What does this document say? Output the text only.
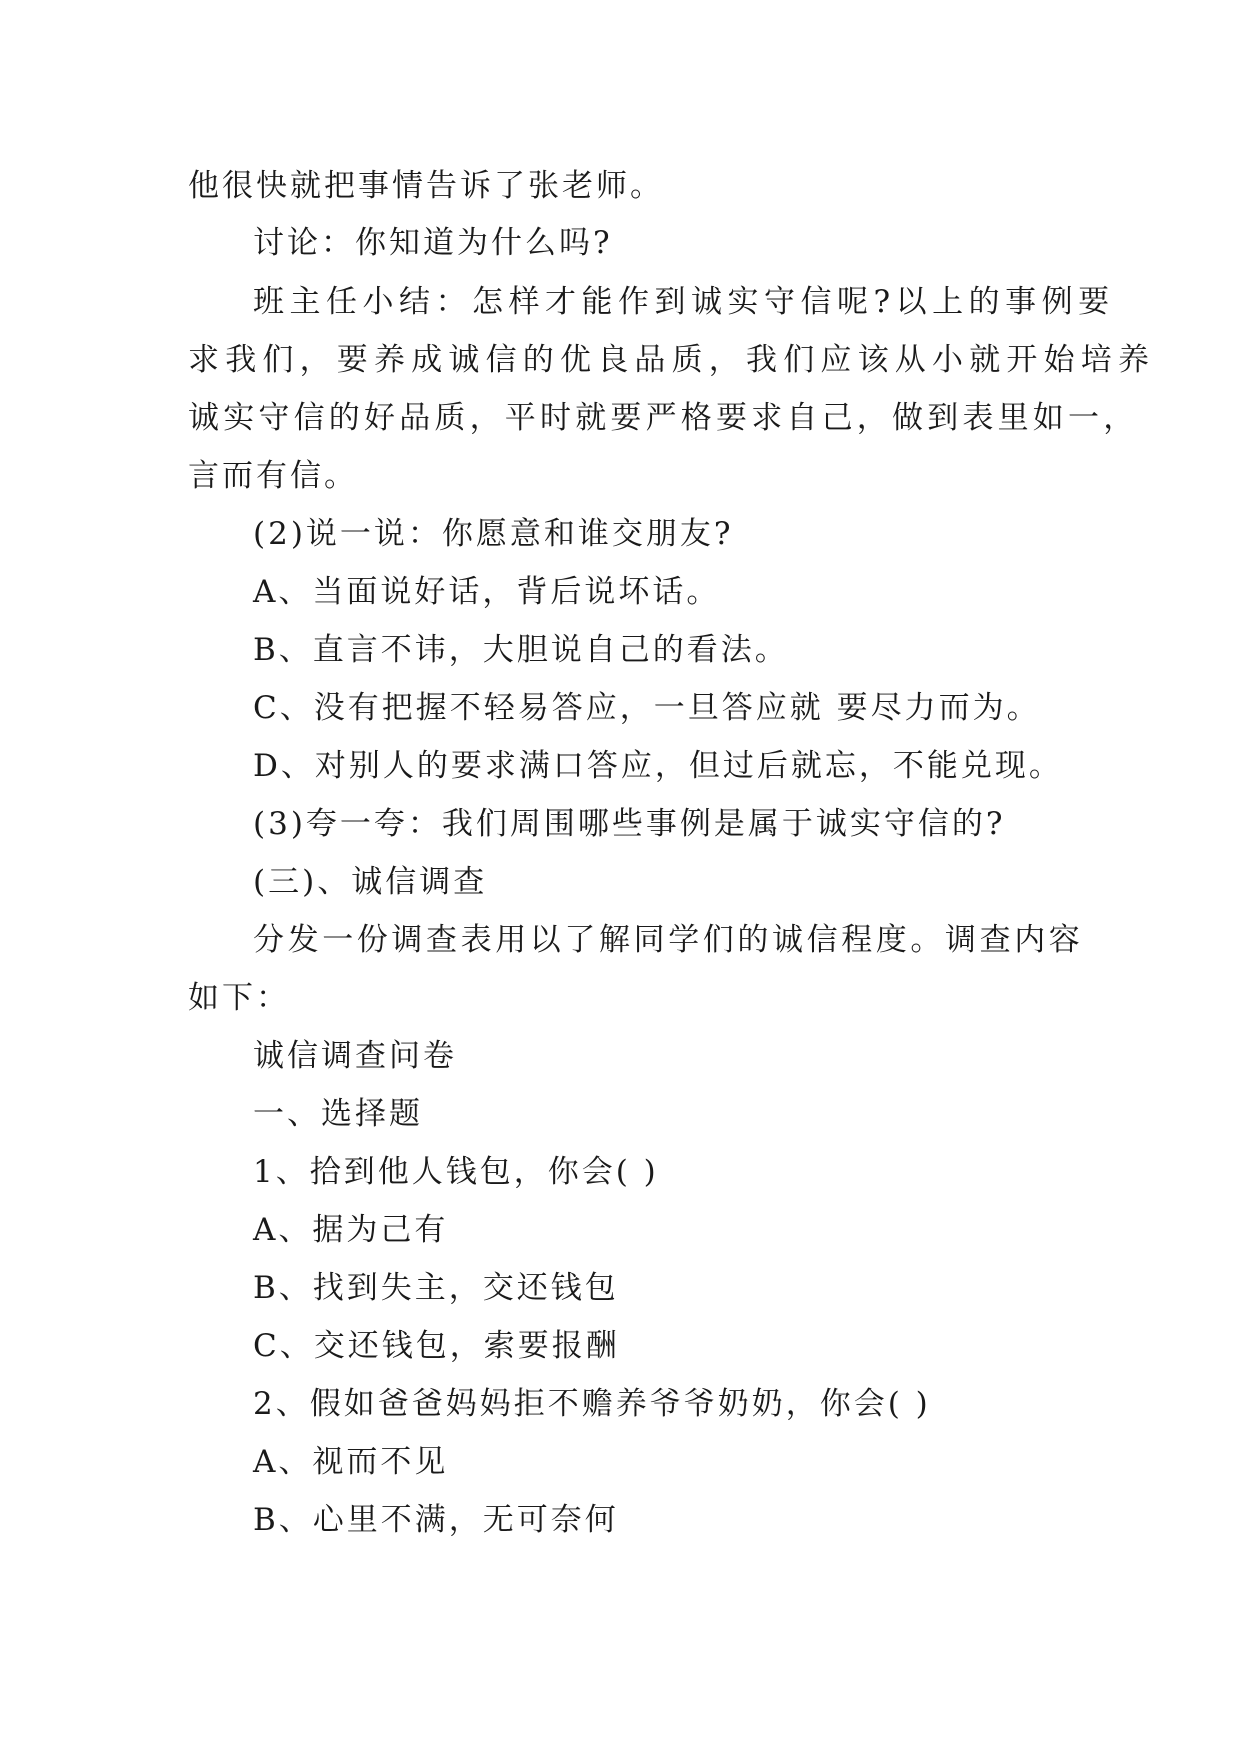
他很快就把事情告诉了张老师。
讨论：你知道为什么吗?
班主任小结：怎样才能作到诚实守信呢?以上的事例要
求我们，要养成诚信的优良品质，我们应该从小就开始培养
诚实守信的好品质，平时就要严格要求自己，做到表里如一，
言而有信。
(2)说一说：你愿意和谁交朋友?
A、当面说好话，背后说坏话。
B、直言不讳，大胆说自己的看法。
C、没有把握不轻易答应，一旦答应就 要尽力而为。
D、对别人的要求满口答应，但过后就忘，不能兑现。
(3)夸一夸：我们周围哪些事例是属于诚实守信的?
(三)、诚信调查
分发一份调查表用以了解同学们的诚信程度。调查内容
如下：
诚信调查问卷
一、选择题
1、拾到他人钱包，你会( )
A、据为己有
B、找到失主，交还钱包
C、交还钱包，索要报酬
2、假如爸爸妈妈拒不赡养爷爷奶奶，你会( )
A、视而不见
B、心里不满，无可奈何
